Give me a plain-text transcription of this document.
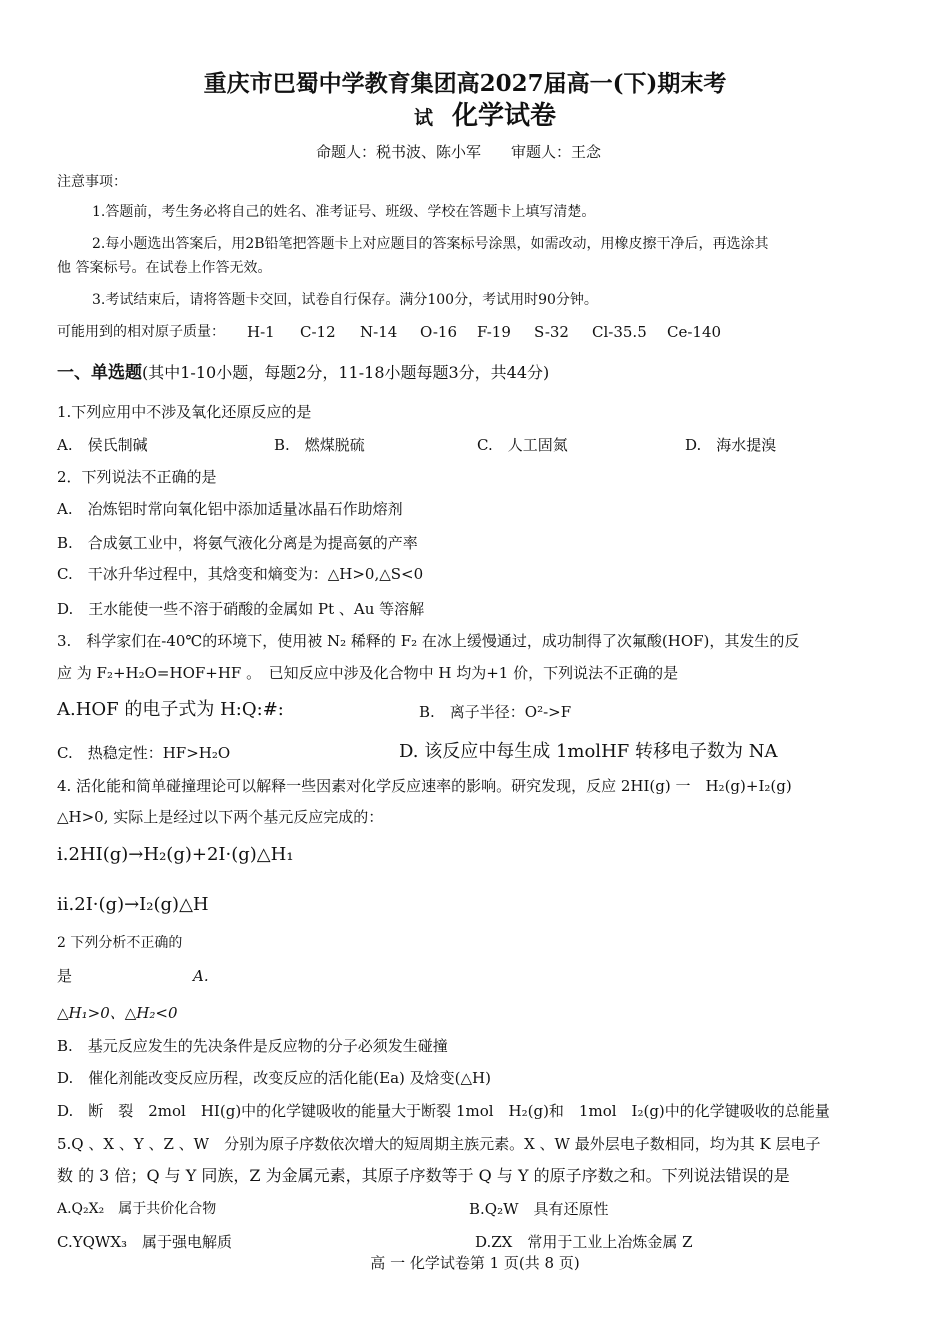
重庆市巴蜀中学教育集团高2027届高一(下)期末考
试 化学试卷
命题人：税书波、陈小军　　审题人：王念
注意事项：
1.答题前，考生务必将自己的姓名、准考证号、班级、学校在答题卡上填写清楚。
2.每小题选出答案后，用2B铅笔把答题卡上对应题目的答案标号涂黑，如需改动，用橡皮擦干净后，再选涂其
他 答案标号。在试卷上作答无效。
3.考试结束后，请将答题卡交回，试卷自行保存。满分100分，考试用时90分钟。
可能用到的相对原子质量： H-1 C-12 N-14 O-16 F-19 S-32 Cl-35.5 Ce-140
一、单选题(其中1-10小题，每题2分，11-18小题每题3分，共44分)
1.下列应用中不涉及氧化还原反应的是
A.　侯氏制碱	B.　燃煤脱硫	C.　人工固氮	D.　海水提溴
2．下列说法不正确的是
A.　冶炼铝时常向氧化铝中添加适量冰晶石作助熔剂
B.　合成氨工业中，将氨气液化分离是为提高氨的产率
C.　干冰升华过程中，其焓变和熵变为：△H>0,△S<0
D.　王水能使一些不溶于硝酸的金属如 Pt 、Au 等溶解
3.　科学家们在-40℃的环境下，使用被 N₂ 稀释的 F₂ 在冰上缓慢通过，成功制得了次氟酸(HOF)，其发生的反
应 为 F₂+H₂O=HOF+HF 。　已知反应中涉及化合物中 H 均为+1 价，下列说法不正确的是
A.HOF 的电子式为 H:Q:#:	B.　离子半径：O²->F
C.　热稳定性：HF>H₂O	D. 该反应中每生成 1molHF 转移电子数为 NA
4. 活化能和简单碰撞理论可以解释一些因素对化学反应速率的影响。研究发现，反应 2HI(g) 一　H₂(g)+I₂(g)
△H>0, 实际上是经过以下两个基元反应完成的：
i.2HI(g)→H₂(g)+2I·(g)△H₁
ii.2I·(g)→I₂(g)△H
2 下列分析不正确的
是	A.
△H₁>0、△H₂<0
B.　基元反应发生的先决条件是反应物的分子必须发生碰撞
D.　催化剂能改变反应历程，改变反应的活化能(Ea) 及焓变(△H)
D.　断　裂　2mol　HI(g)中的化学键吸收的能量大于断裂 1mol　H₂(g)和　1mol　I₂(g)中的化学键吸收的总能量
5.Q 、X 、Y 、Z 、W　分别为原子序数依次增大的短周期主族元素。X 、W 最外层电子数相同，均为其 K 层电子
数 的 3 倍；Q 与 Y 同族，Z 为金属元素，其原子序数等于 Q 与 Y 的原子序数之和。下列说法错误的是
A.Q₂X₂　属于共价化合物	B.Q₂W　具有还原性
C.YQWX₃　属于强电解质	D.ZX　常用于工业上冶炼金属 Z
高 一 化学试卷第 1 页(共 8 页)
